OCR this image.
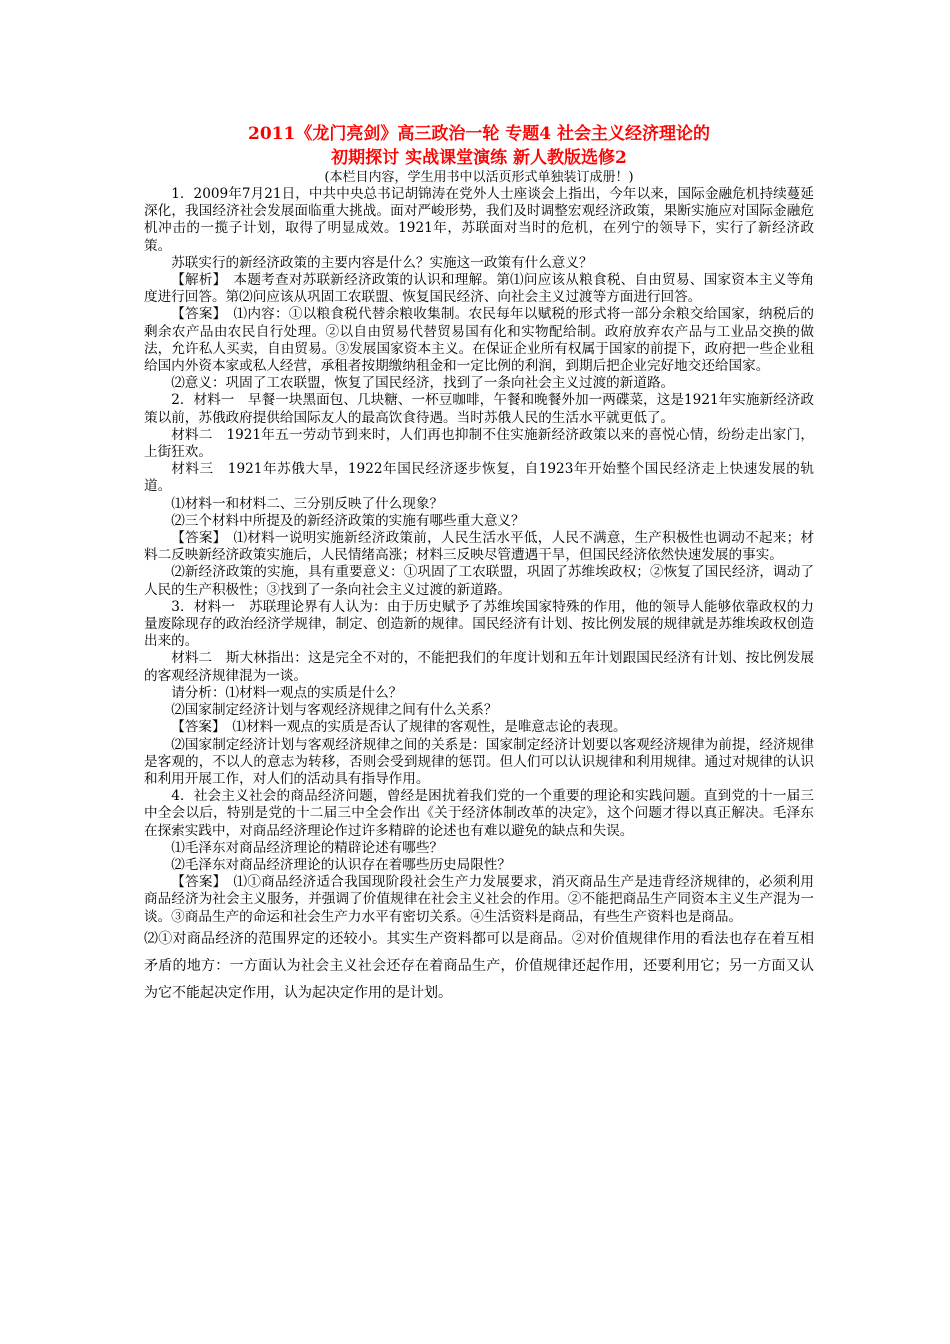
2011《龙门亮剑》高三政治一轮 专题4 社会主义经济理论的
初期探讨 实战课堂演练 新人教版选修2

(本栏目内容，学生用书中以活页形式单独装订成册！)

1．2009年7月21日，中共中央总书记胡锦涛在党外人士座谈会上指出，今年以来，国际金融危机持续蔓延深化，我国经济社会发展面临重大挑战。面对严峻形势，我们及时调整宏观经济政策，果断实施应对国际金融危机冲击的一揽子计划，取得了明显成效。1921年，苏联面对当时的危机，在列宁的领导下，实行了新经济政策。

苏联实行的新经济政策的主要内容是什么？实施这一政策有什么意义？

【解析】　本题考查对苏联新经济政策的认识和理解。第⑴问应该从粮食税、自由贸易、国家资本主义等角度进行回答。第⑵问应该从巩固工农联盟、恢复国民经济、向社会主义过渡等方面进行回答。

【答案】　⑴内容：①以粮食税代替余粮收集制。农民每年以赋税的形式将一部分余粮交给国家，纳税后的剩余农产品由农民自行处理。②以自由贸易代替贸易国有化和实物配给制。政府放弃农产品与工业品交换的做法，允许私人买卖，自由贸易。③发展国家资本主义。在保证企业所有权属于国家的前提下，政府把一些企业租给国内外资本家或私人经营，承租者按期缴纳租金和一定比例的利润，到期后把企业完好地交还给国家。

⑵意义：巩固了工农联盟，恢复了国民经济，找到了一条向社会主义过渡的新道路。

2．材料一　早餐一块黑面包、几块糖、一杯豆咖啡，午餐和晚餐外加一两碟菜，这是1921年实施新经济政策以前，苏俄政府提供给国际友人的最高饮食待遇。当时苏俄人民的生活水平就更低了。

材料二　1921年五一劳动节到来时，人们再也抑制不住实施新经济政策以来的喜悦心情，纷纷走出家门，上街狂欢。

材料三　1921年苏俄大旱，1922年国民经济逐步恢复，自1923年开始整个国民经济走上快速发展的轨道。

⑴材料一和材料二、三分别反映了什么现象？

⑵三个材料中所提及的新经济政策的实施有哪些重大意义？

【答案】　⑴材料一说明实施新经济政策前，人民生活水平低，人民不满意，生产积极性也调动不起来；材料二反映新经济政策实施后，人民情绪高涨；材料三反映尽管遭遇干旱，但国民经济依然快速发展的事实。

⑵新经济政策的实施，具有重要意义：①巩固了工农联盟，巩固了苏维埃政权；②恢复了国民经济，调动了人民的生产积极性；③找到了一条向社会主义过渡的新道路。

3．材料一　苏联理论界有人认为：由于历史赋予了苏维埃国家特殊的作用，他的领导人能够依靠政权的力量废除现存的政治经济学规律，制定、创造新的规律。国民经济有计划、按比例发展的规律就是苏维埃政权创造出来的。

材料二　斯大林指出：这是完全不对的，不能把我们的年度计划和五年计划跟国民经济有计划、按比例发展的客观经济规律混为一谈。

请分析：⑴材料一观点的实质是什么？

⑵国家制定经济计划与客观经济规律之间有什么关系？

【答案】　⑴材料一观点的实质是否认了规律的客观性，是唯意志论的表现。

⑵国家制定经济计划与客观经济规律之间的关系是：国家制定经济计划要以客观经济规律为前提，经济规律是客观的，不以人的意志为转移，否则会受到规律的惩罚。但人们可以认识规律和利用规律。通过对规律的认识和利用开展工作，对人们的活动具有指导作用。

4．社会主义社会的商品经济问题，曾经是困扰着我们党的一个重要的理论和实践问题。直到党的十一届三中全会以后，特别是党的十二届三中全会作出《关于经济体制改革的决定》，这个问题才得以真正解决。毛泽东在探索实践中，对商品经济理论作过许多精辟的论述也有难以避免的缺点和失误。

⑴毛泽东对商品经济理论的精辟论述有哪些？

⑵毛泽东对商品经济理论的认识存在着哪些历史局限性？

【答案】　⑴①商品经济适合我国现阶段社会生产力发展要求，消灭商品生产是违背经济规律的，必须利用商品经济为社会主义服务，并强调了价值规律在社会主义社会的作用。②不能把商品生产同资本主义生产混为一谈。③商品生产的命运和社会生产力水平有密切关系。④生活资料是商品，有些生产资料也是商品。

⑵①对商品经济的范围界定的还较小。其实生产资料都可以是商品。②对价值规律作用的看法也存在着互相矛盾的地方：一方面认为社会主义社会还存在着商品生产，价值规律还起作用，还要利用它；另一方面又认为它不能起决定作用，认为起决定作用的是计划。
